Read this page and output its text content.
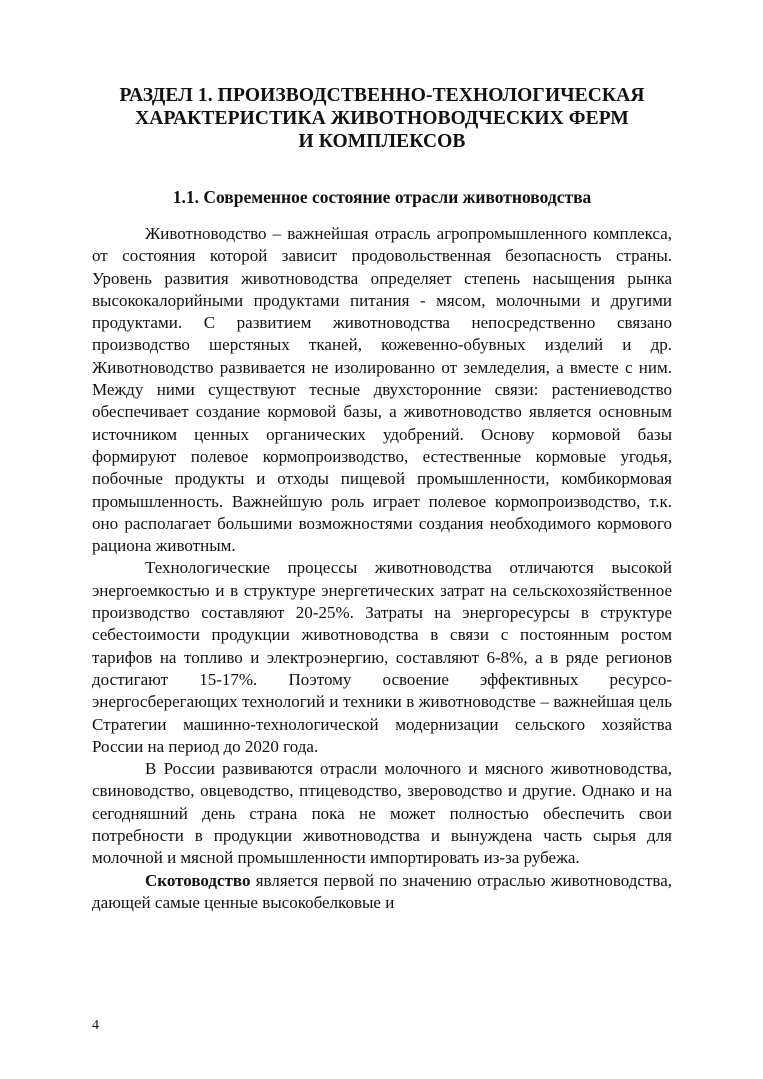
РАЗДЕЛ 1. ПРОИЗВОДСТВЕННО-ТЕХНОЛОГИЧЕСКАЯ
ХАРАКТЕРИСТИКА ЖИВОТНОВОДЧЕСКИХ ФЕРМ
И КОМПЛЕКСОВ
1.1. Современное состояние отрасли животноводства

Животноводство – важнейшая отрасль агропромышленного комплекса, от состояния которой зависит продовольственная безопасность страны. Уровень развития животноводства определяет степень насыщения рынка высококалорийными продуктами питания - мясом, молочными и другими продуктами. С развитием животноводства непосредственно связано производство шерстяных тканей, кожевенно-обувных изделий и др. Животноводство развивается не изолированно от земледелия, а вместе с ним. Между ними существуют тесные двухсторонние связи: растениеводство обеспечивает создание кормовой базы, а животноводство является основным источником ценных органических удобрений. Основу кормовой базы формируют полевое кормопроизводство, естественные кормовые угодья, побочные продукты и отходы пищевой промышленности, комбикормовая промышленность. Важнейшую роль играет полевое кормопроизводство, т.к. оно располагает большими возможностями создания необходимого кормового рациона животным.

Технологические процессы животноводства отличаются высокой энергоемкостью и в структуре энергетических затрат на сельскохозяйственное производство составляют 20-25%. Затраты на энергоресурсы в структуре себестоимости продукции животноводства в связи с постоянным ростом тарифов на топливо и электроэнергию, составляют 6-8%, а в ряде регионов достигают 15-17%. Поэтому освоение эффективных ресурсо-энергосберегающих технологий и техники в животноводстве – важнейшая цель Стратегии машинно-технологической модернизации сельского хозяйства России на период до 2020 года.

В России развиваются отрасли молочного и мясного животноводства, свиноводство, овцеводство, птицеводство, звероводство и другие. Однако и на сегодняшний день страна пока не может полностью обеспечить свои потребности в продукции животноводства и вынуждена часть сырья для молочной и мясной промышленности импортировать из-за рубежа.

Скотоводство является первой по значению отраслью животноводства, дающей самые ценные высокобелковые и

4
